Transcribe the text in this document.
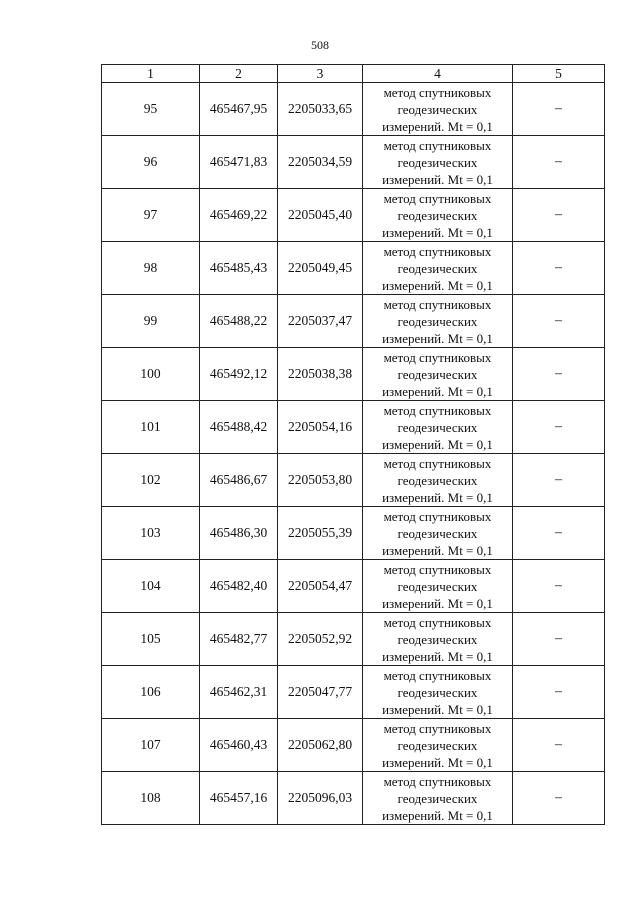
508
1	2	3	4	5
95	465467,95	2205033,65	метод спутниковых
геодезических
измерений. Mt = 0,1	–
96	465471,83	2205034,59	метод спутниковых
геодезических
измерений. Mt = 0,1	–
97	465469,22	2205045,40	метод спутниковых
геодезических
измерений. Mt = 0,1	–
98	465485,43	2205049,45	метод спутниковых
геодезических
измерений. Mt = 0,1	–
99	465488,22	2205037,47	метод спутниковых
геодезических
измерений. Mt = 0,1	–
100	465492,12	2205038,38	метод спутниковых
геодезических
измерений. Mt = 0,1	–
101	465488,42	2205054,16	метод спутниковых
геодезических
измерений. Mt = 0,1	–
102	465486,67	2205053,80	метод спутниковых
геодезических
измерений. Mt = 0,1	–
103	465486,30	2205055,39	метод спутниковых
геодезических
измерений. Mt = 0,1	–
104	465482,40	2205054,47	метод спутниковых
геодезических
измерений. Mt = 0,1	–
105	465482,77	2205052,92	метод спутниковых
геодезических
измерений. Mt = 0,1	–
106	465462,31	2205047,77	метод спутниковых
геодезических
измерений. Mt = 0,1	–
107	465460,43	2205062,80	метод спутниковых
геодезических
измерений. Mt = 0,1	–
108	465457,16	2205096,03	метод спутниковых
геодезических
измерений. Mt = 0,1	–
